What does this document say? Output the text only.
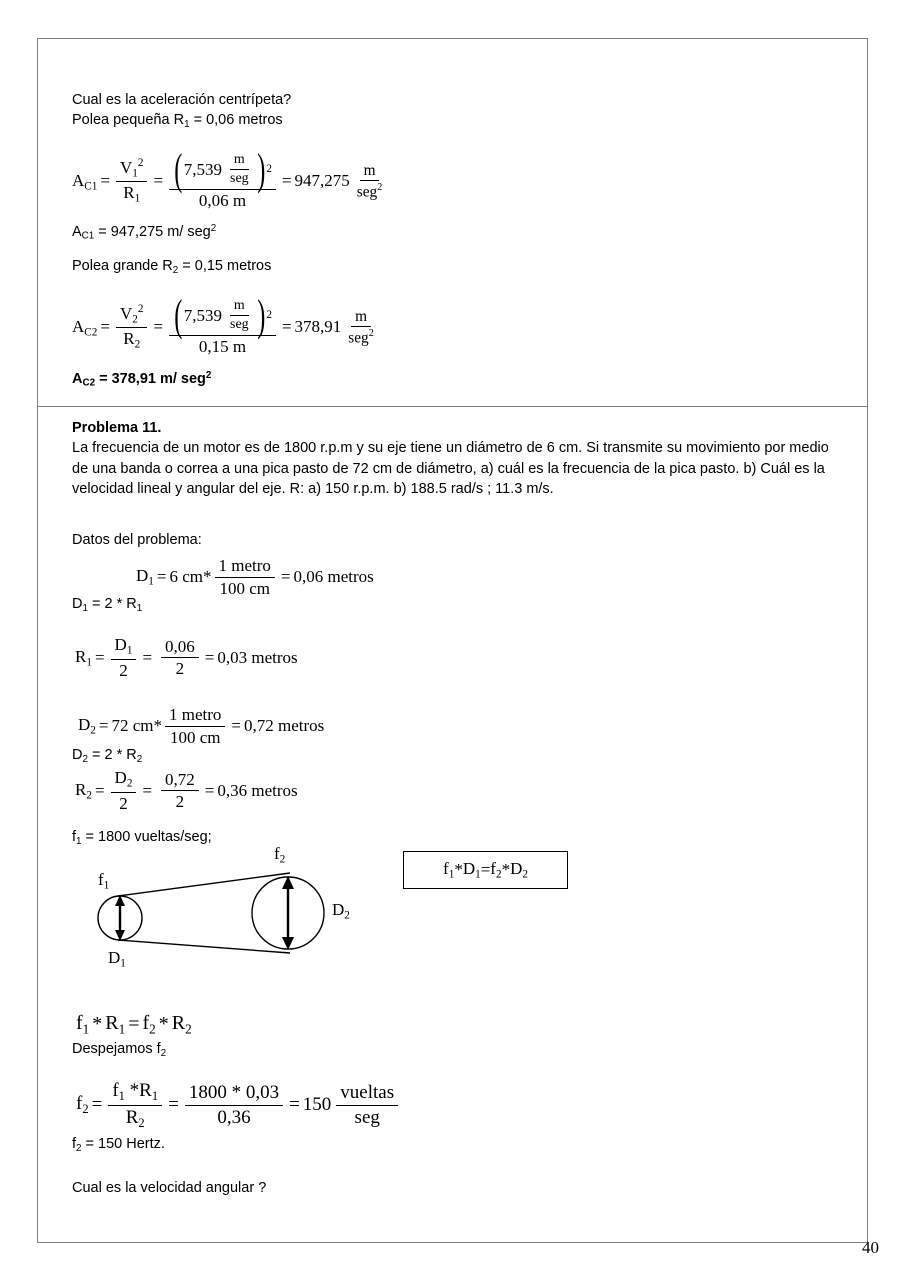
Cual es la aceleración centrípeta?
Polea pequeña $R_1 = 0,06$ metros
$A_{C1} = \frac{V_1^2}{R_1}$ = ( $7,539 \frac{m}{\text{seg}}$ ) 2
0,06 m
= $947,275 \frac{m}{seg^2}$
$A_{C1} = 947,275$ m/ seg$^2$
Polea grande $R_2 = 0,15$ metros
$A_{C2} = \frac{V_2^2}{R_2}$ = ( $7,539 \frac{m}{\text{seg}}$ ) 2
0,15 m
= $378,91 \frac{m}{seg^2}$
$A_{C2} = 378,91$ m/ seg$^2$
Problema 11.
La frecuencia de un motor es de 1800 r.p.m y su eje tiene un diámetro de 6 cm. Si transmite su movimiento por medio de una banda o correa a una pica pasto de 72 cm de diámetro, a) cuál es la frecuencia de la pica pasto. b) Cuál es la velocidad lineal y angular del eje. R: a) 150 r.p.m. b) 188.5 rad/s ; 11.3 m/s.
Datos del problema:
$D_1 = 6$ cm * $\frac{\text{1 metro}}{100 cm} = 0,06$ metros
$D_1 = 2 * R_1$
$R_1 = \frac{D_1}{2} = \frac{0,06}{2} = 0,03$ metros
$D_2 = 72$ cm * $\frac{\text{1 metro}}{100 cm} = 0,72$ metros
$D_2 = 2 * R_2$
$R_2 = \frac{D_2}{2} = \frac{0,72}{2} = 0,36$ metros
$f_1 = 1800$ vueltas/seg;
$f_1 * D_1 = f_2 * D_2$
$f_1$
$f_2$
$D_1$
$D_2$
$f_1 * R_1 = f_2 * R_2$
Despejamos $f_2$
$f_2 = \frac{f_1 *R_1}{R_2} = \frac{1800 * 0,03}{0,36} = 150 \frac{\text{vueltas}}{\text{seg}}$
$f_2 = 150$ Hertz.
Cual es la velocidad angular ?
40
